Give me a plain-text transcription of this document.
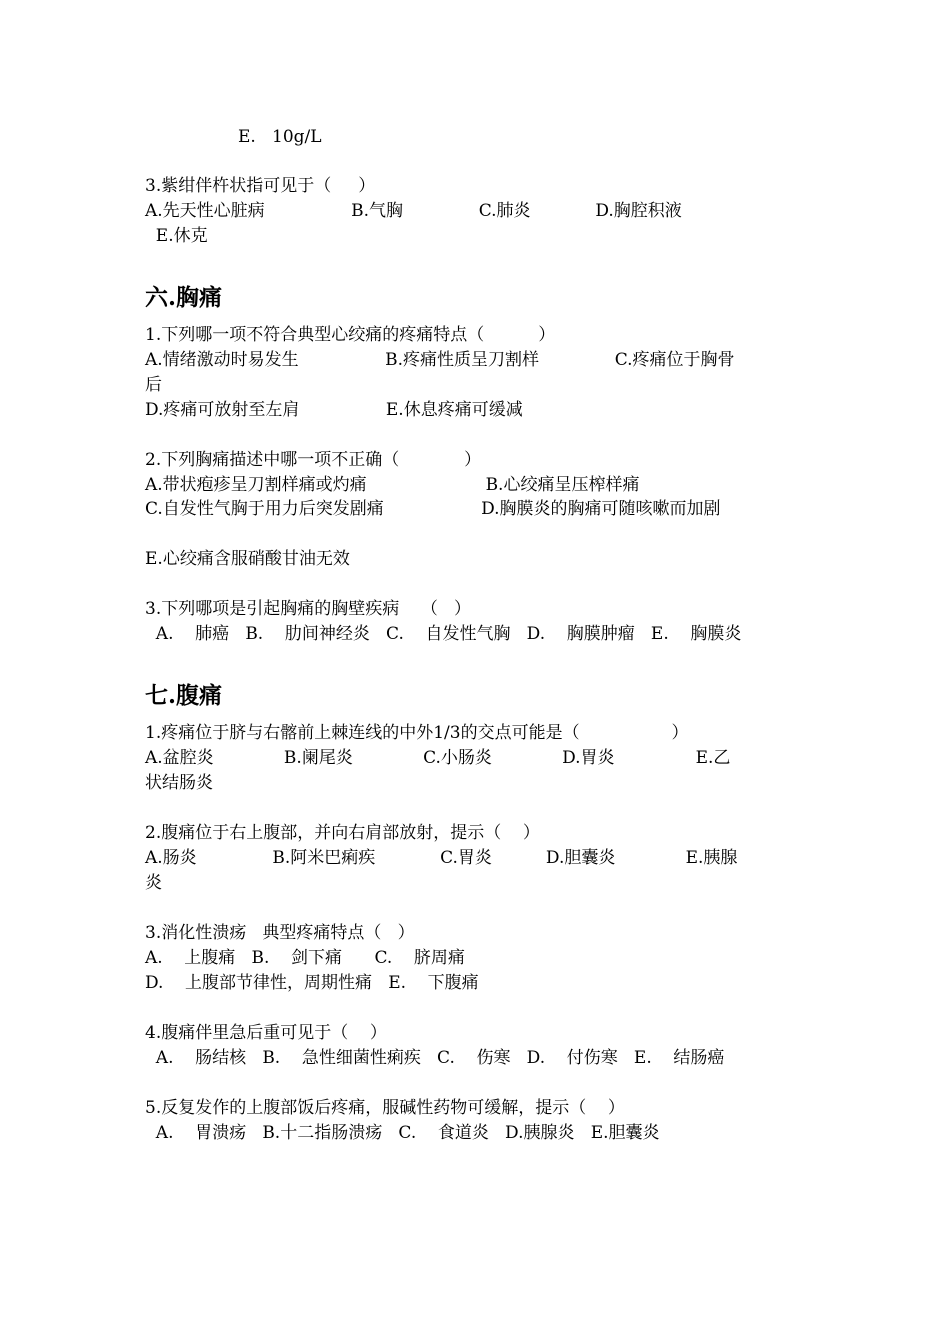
E.   10g/L

3.紫绀伴杵状指可见于（     ）

A.先天性心脏病                B.气胸              C.肺炎            D.胸腔积液

E.休克

六.胸痛

1.下列哪一项不符合典型心绞痛的疼痛特点（          ）

A.情绪激动时易发生                B.疼痛性质呈刀割样              C.疼痛位于胸骨

后

D.疼痛可放射至左肩                E.休息疼痛可缓减

2.下列胸痛描述中哪一项不正确（            ）

A.带状疱疹呈刀割样痛或灼痛                      B.心绞痛呈压榨样痛

C.自发性气胸于用力后突发剧痛                  D.胸膜炎的胸痛可随咳嗽而加剧

E.心绞痛含服硝酸甘油无效

3.下列哪项是引起胸痛的胸壁疾病    （   ）

A.    肺癌   B.    肋间神经炎   C.    自发性气胸   D.    胸膜肿瘤   E.    胸膜炎

七.腹痛

1.疼痛位于脐与右髂前上棘连线的中外1/3的交点可能是（                 ）

A.盆腔炎             B.阑尾炎             C.小肠炎             D.胃炎               E.乙

状结肠炎

2.腹痛位于右上腹部，并向右肩部放射，提示（    ）

A.肠炎              B.阿米巴痢疾            C.胃炎          D.胆囊炎             E.胰腺

炎

3.消化性溃疡   典型疼痛特点（   ）

A.    上腹痛   B.    剑下痛      C.    脐周痛

D.    上腹部节律性，周期性痛   E.    下腹痛

4.腹痛伴里急后重可见于（    ）

A.    肠结核   B.    急性细菌性痢疾   C.    伤寒   D.    付伤寒   E.    结肠癌

5.反复发作的上腹部饭后疼痛，服碱性药物可缓解，提示（    ）

A.    胃溃疡   B.十二指肠溃疡   C.    食道炎   D.胰腺炎   E.胆囊炎
